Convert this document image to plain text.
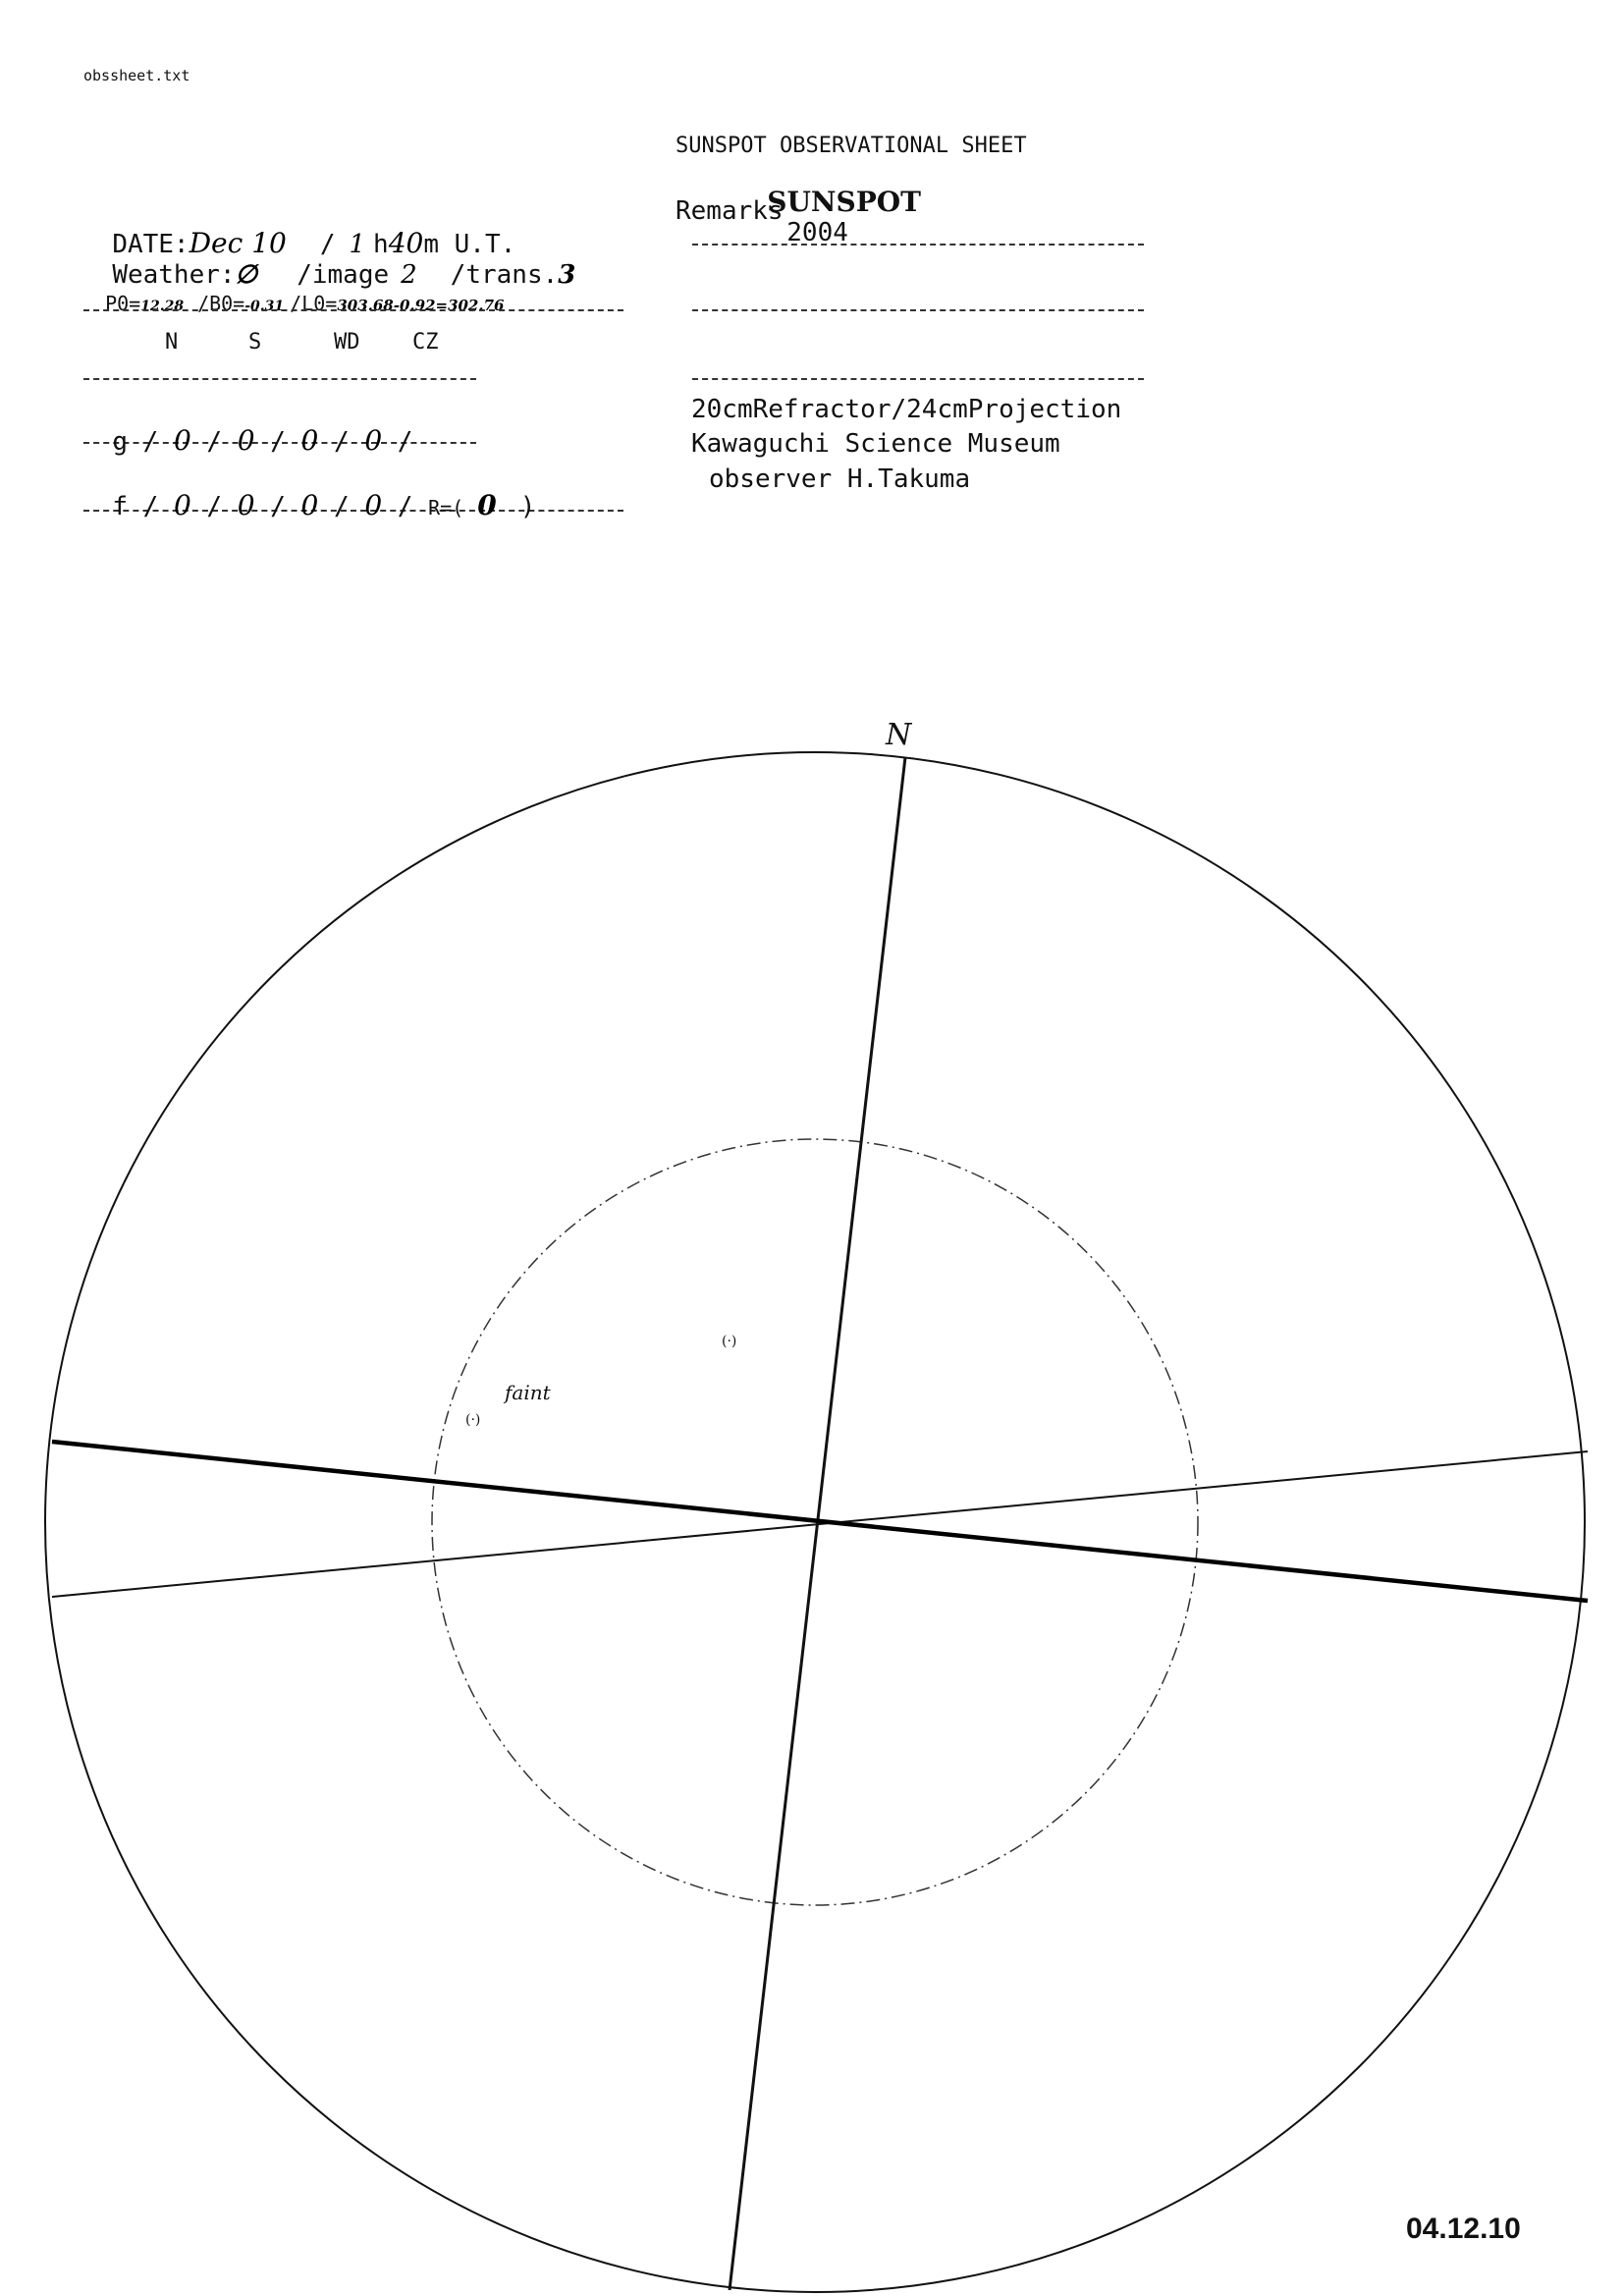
obssheet.txt
SUNSPOT OBSERVATIONAL SHEET

SUNSPOT
2004

Remarks

DATE:Dec 10 / 1 h40m U.T.

Weather:∅ /image 2 /trans.3

P0=12.28 /B0=-0.31 /L0=303.68-0.92=302.76

N	S	WD CZ

g / 0 / 0 / 0 / 0 /

f / 0 / 0 / 0 / 0 / R=( 0 )

20cmRefractor/24cmProjection
Kawaguchi Science Museum
observer H.Takuma
(·)
(·)
faint
N
04.12.10
